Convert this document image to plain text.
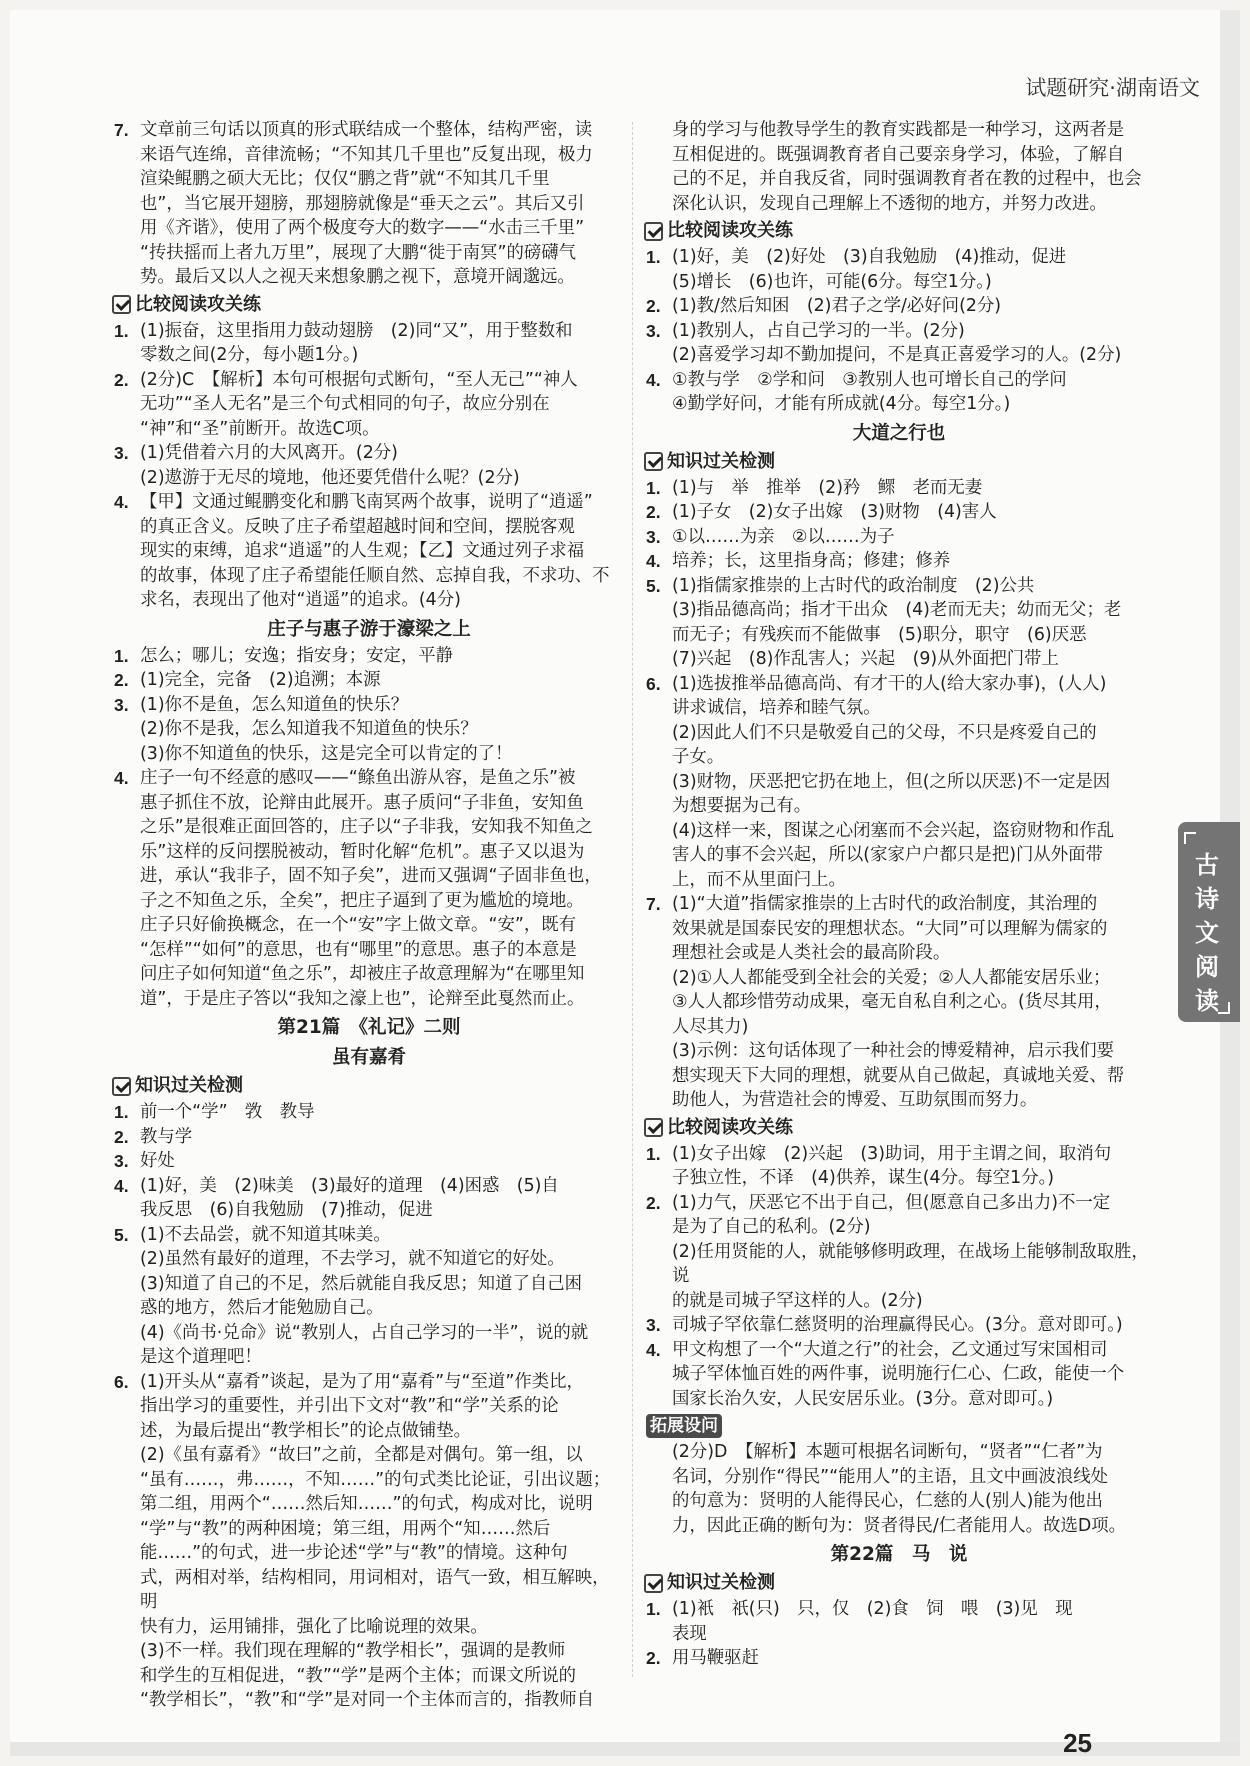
试题研究·湖南语文
7. 文章前三句话以顶真的形式联结成一个整体，结构严密，读
来语气连绵，音律流畅；“不知其几千里也”反复出现，极力
渲染鲲鹏之硕大无比；仅仅“鹏之背”就“不知其几千里
也”，当它展开翅膀，那翅膀就像是“垂天之云”。其后又引
用《齐谐》，使用了两个极度夸大的数字——“水击三千里”
“抟扶摇而上者九万里”，展现了大鹏“徙于南冥”的磅礴气
势。最后又以人之视天来想象鹏之视下，意境开阔邈远。
比较阅读攻关练
1. (1)振奋，这里指用力鼓动翅膀　(2)同“又”，用于整数和
零数之间(2分，每小题1分。)
2. (2分)C　【解析】本句可根据句式断句，“至人无己”“神人
无功”“圣人无名”是三个句式相同的句子，故应分别在
“神”和“圣”前断开。故选C项。
3. (1)凭借着六月的大风离开。(2分)
(2)遨游于无尽的境地，他还要凭借什么呢？(2分)
4. 【甲】文通过鲲鹏变化和鹏飞南冥两个故事，说明了“逍遥”
的真正含义。反映了庄子希望超越时间和空间，摆脱客观
现实的束缚，追求“逍遥”的人生观；【乙】文通过列子求福
的故事，体现了庄子希望能任顺自然、忘掉自我，不求功、不
求名，表现出了他对“逍遥”的追求。(4分)
庄子与惠子游于濠梁之上
1. 怎么；哪儿；安逸；指安身；安定，平静
2. (1)完全，完备　(2)追溯；本源
3. (1)你不是鱼，怎么知道鱼的快乐？
(2)你不是我，怎么知道我不知道鱼的快乐？
(3)你不知道鱼的快乐，这是完全可以肯定的了！
4. 庄子一句不经意的感叹——“鲦鱼出游从容，是鱼之乐”被
惠子抓住不放，论辩由此展开。惠子质问“子非鱼，安知鱼
之乐”是很难正面回答的，庄子以“子非我，安知我不知鱼之
乐”这样的反问摆脱被动，暂时化解“危机”。惠子又以退为
进，承认“我非子，固不知子矣”，进而又强调“子固非鱼也，
子之不知鱼之乐，全矣”，把庄子逼到了更为尴尬的境地。
庄子只好偷换概念，在一个“安”字上做文章。“安”，既有
“怎样”“如何”的意思，也有“哪里”的意思。惠子的本意是
问庄子如何知道“鱼之乐”，却被庄子故意理解为“在哪里知
道”，于是庄子答以“我知之濠上也”，论辩至此戛然而止。
第21篇　《礼记》二则
虽有嘉肴
知识过关检测
1. 前一个“学”　敩　教导
2. 教与学
3. 好处
4. (1)好，美　(2)味美　(3)最好的道理　(4)困惑　(5)自
我反思　(6)自我勉励　(7)推动，促进
5. (1)不去品尝，就不知道其味美。
(2)虽然有最好的道理，不去学习，就不知道它的好处。
(3)知道了自己的不足，然后就能自我反思；知道了自己困
惑的地方，然后才能勉励自己。
(4)《尚书·兑命》说“教别人，占自己学习的一半”，说的就
是这个道理吧！
6. (1)开头从“嘉肴”谈起，是为了用“嘉肴”与“至道”作类比，
指出学习的重要性，并引出下文对“教”和“学”关系的论
述，为最后提出“教学相长”的论点做铺垫。
(2)《虽有嘉肴》“故曰”之前，全都是对偶句。第一组，以
“虽有……，弗……，不知……”的句式类比论证，引出议题；
第二组，用两个“……然后知……”的句式，构成对比，说明
“学”与“教”的两种困境；第三组，用两个“知……然后
能……”的句式，进一步论述“学”与“教”的情境。这种句
式，两相对举，结构相同，用词相对，语气一致，相互解映，明
快有力，运用铺排，强化了比喻说理的效果。
(3)不一样。我们现在理解的“教学相长”，强调的是教师
和学生的互相促进，“教”“学”是两个主体；而课文所说的
“教学相长”，“教”和“学”是对同一个主体而言的，指教师自
身的学习与他教导学生的教育实践都是一种学习，这两者是
互相促进的。既强调教育者自己要亲身学习，体验，了解自
己的不足，并自我反省，同时强调教育者在教的过程中，也会
深化认识，发现自己理解上不透彻的地方，并努力改进。
比较阅读攻关练
1. (1)好，美　(2)好处　(3)自我勉励　(4)推动，促进
(5)增长　(6)也许，可能(6分。每空1分。)
2. (1)教/然后知困　(2)君子之学/必好问(2分)
3. (1)教别人，占自己学习的一半。(2分)
(2)喜爱学习却不勤加提问，不是真正喜爱学习的人。(2分)
4. ①教与学　②学和问　③教别人也可增长自己的学问
④勤学好问，才能有所成就(4分。每空1分。)
大道之行也
知识过关检测
1. (1)与　举　推举　(2)矜　鳏　老而无妻
2. (1)子女　(2)女子出嫁　(3)财物　(4)害人
3. ①以……为亲　②以……为子
4. 培养；长，这里指身高；修建；修养
5. (1)指儒家推崇的上古时代的政治制度　(2)公共
(3)指品德高尚；指才干出众　(4)老而无夫；幼而无父；老
而无子；有残疾而不能做事　(5)职分，职守　(6)厌恶
(7)兴起　(8)作乱害人；兴起　(9)从外面把门带上
6. (1)选拔推举品德高尚、有才干的人(给大家办事)，(人人)
讲求诚信，培养和睦气氛。
(2)因此人们不只是敬爱自己的父母，不只是疼爱自己的
子女。
(3)财物，厌恶把它扔在地上，但(之所以厌恶)不一定是因
为想要据为己有。
(4)这样一来，图谋之心闭塞而不会兴起，盗窃财物和作乱
害人的事不会兴起，所以(家家户户都只是把)门从外面带
上，而不从里面闩上。
7. (1)“大道”指儒家推崇的上古时代的政治制度，其治理的
效果就是国泰民安的理想状态。“大同”可以理解为儒家的
理想社会或是人类社会的最高阶段。
(2)①人人都能受到全社会的关爱；②人人都能安居乐业；
③人人都珍惜劳动成果，毫无自私自利之心。(货尽其用，
人尽其力)
(3)示例：这句话体现了一种社会的博爱精神，启示我们要
想实现天下大同的理想，就要从自己做起，真诚地关爱、帮
助他人，为营造社会的博爱、互助氛围而努力。
比较阅读攻关练
1. (1)女子出嫁　(2)兴起　(3)助词，用于主谓之间，取消句
子独立性，不译　(4)供养，谋生(4分。每空1分。)
2. (1)力气，厌恶它不出于自己，但(愿意自己多出力)不一定
是为了自己的私利。(2分)
(2)任用贤能的人，就能够修明政理，在战场上能够制敌取胜，说
的就是司城子罕这样的人。(2分)
3. 司城子罕依靠仁慈贤明的治理赢得民心。(3分。意对即可。)
4. 甲文构想了一个“大道之行”的社会，乙文通过写宋国相司
城子罕体恤百姓的两件事，说明施行仁心、仁政，能使一个
国家长治久安，人民安居乐业。(3分。意对即可。)
拓展设问
(2分)D　【解析】本题可根据名词断句，“贤者”“仁者”为
名词，分别作“得民”“能用人”的主语，且文中画波浪线处
的句意为：贤明的人能得民心，仁慈的人(别人)能为他出
力，因此正确的断句为：贤者得民/仁者能用人。故选D项。
第22篇　马　说
知识过关检测
1. (1)衹　祇(只)　只，仅　(2)食　饲　喂　(3)见　现
表现
2. 用马鞭驱赶
古诗文阅读
25
